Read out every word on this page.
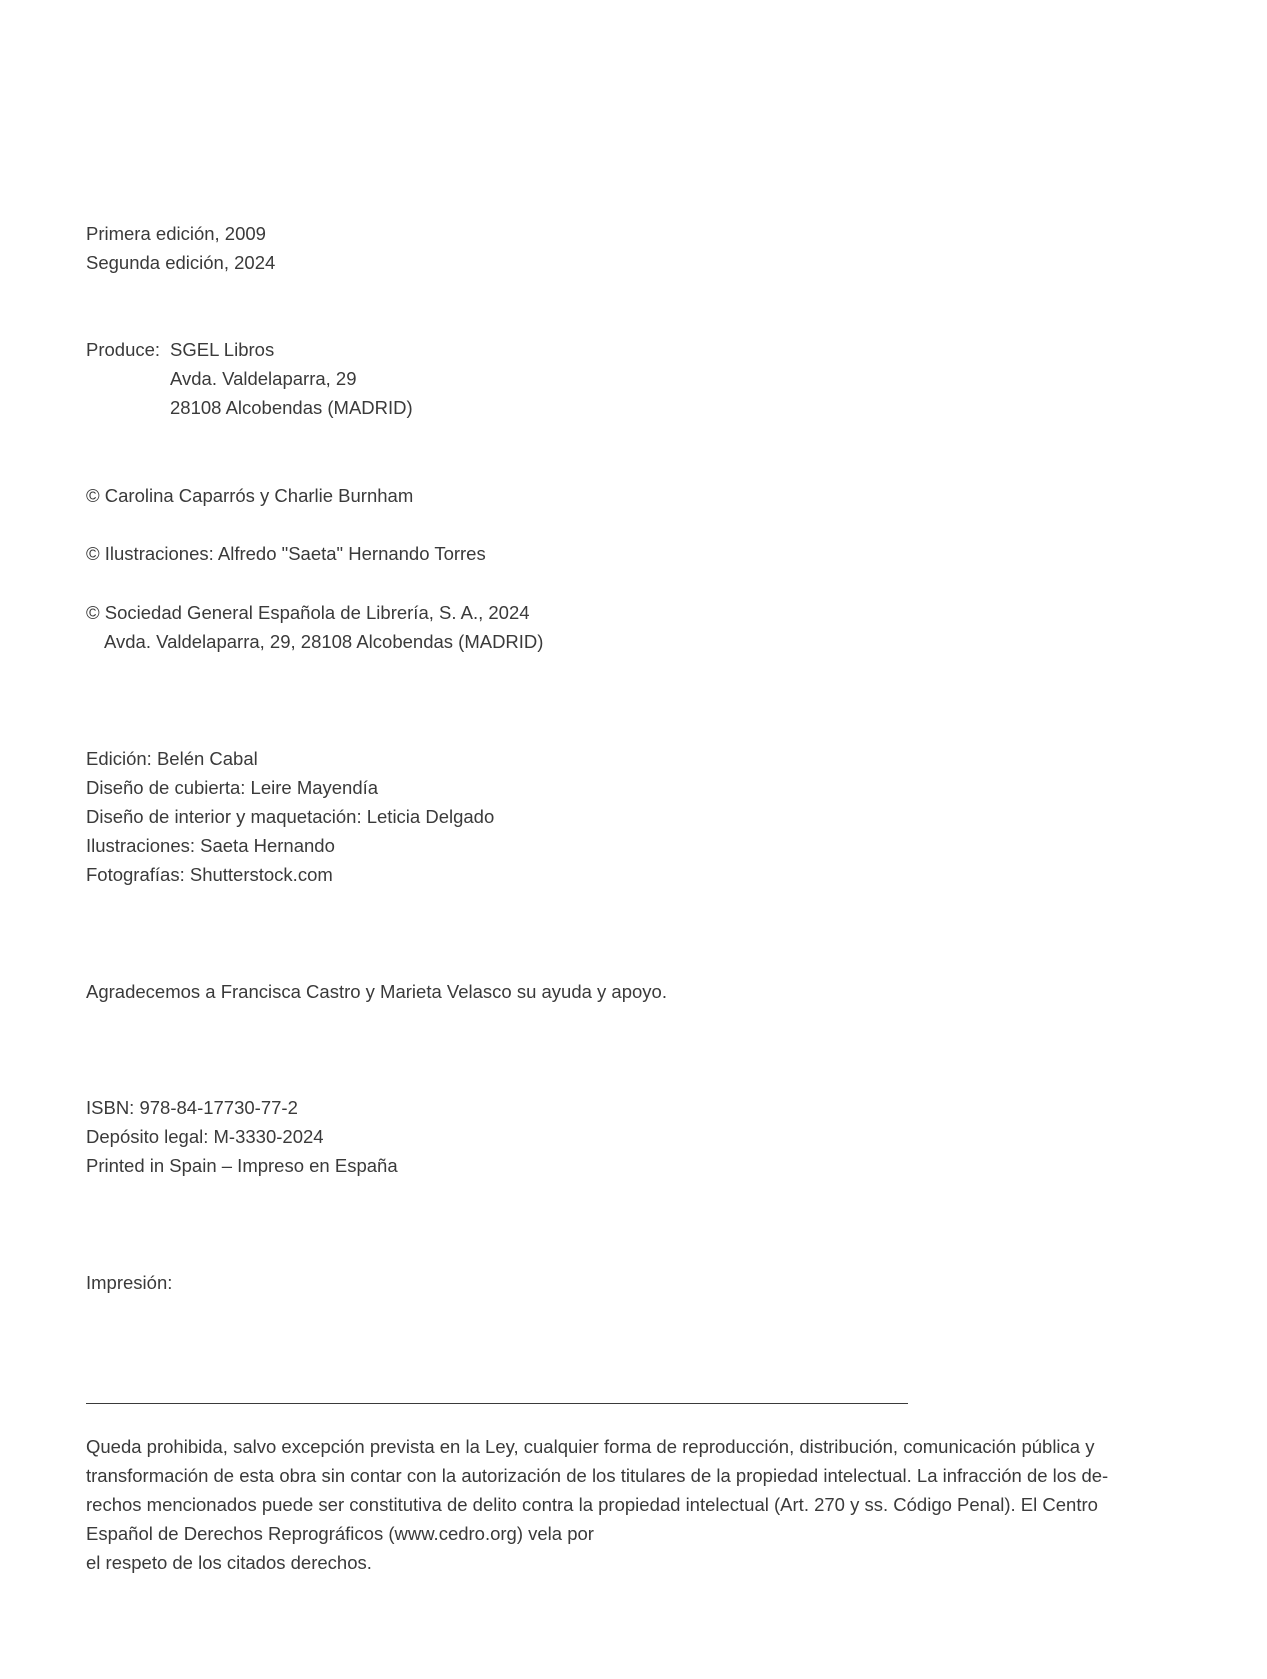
Primera edición, 2009
Segunda edición, 2024
Produce: SGEL Libros
Avda. Valdelaparra, 29
28108 Alcobendas (MADRID)
© Carolina Caparrós y Charlie Burnham
© Ilustraciones: Alfredo "Saeta" Hernando Torres
© Sociedad General Española de Librería, S. A., 2024
Avda. Valdelaparra, 29, 28108 Alcobendas (MADRID)
Edición: Belén Cabal
Diseño de cubierta: Leire Mayendía
Diseño de interior y maquetación: Leticia Delgado
Ilustraciones: Saeta Hernando
Fotografías: Shutterstock.com
Agradecemos a Francisca Castro y Marieta Velasco su ayuda y apoyo.
ISBN: 978-84-17730-77-2
Depósito legal: M-3330-2024
Printed in Spain – Impreso en España
Impresión:
Queda prohibida, salvo excepción prevista en la Ley, cualquier forma de reproducción, distribución, comunicación pública y
transformación de esta obra sin contar con la autorización de los titulares de la propiedad intelectual. La infracción de los de-
rechos mencionados puede ser constitutiva de delito contra la propiedad intelectual (Art. 270 y ss. Código Penal). El Centro
Español de Derechos Reprográficos (www.cedro.org) vela por
el respeto de los citados derechos.
